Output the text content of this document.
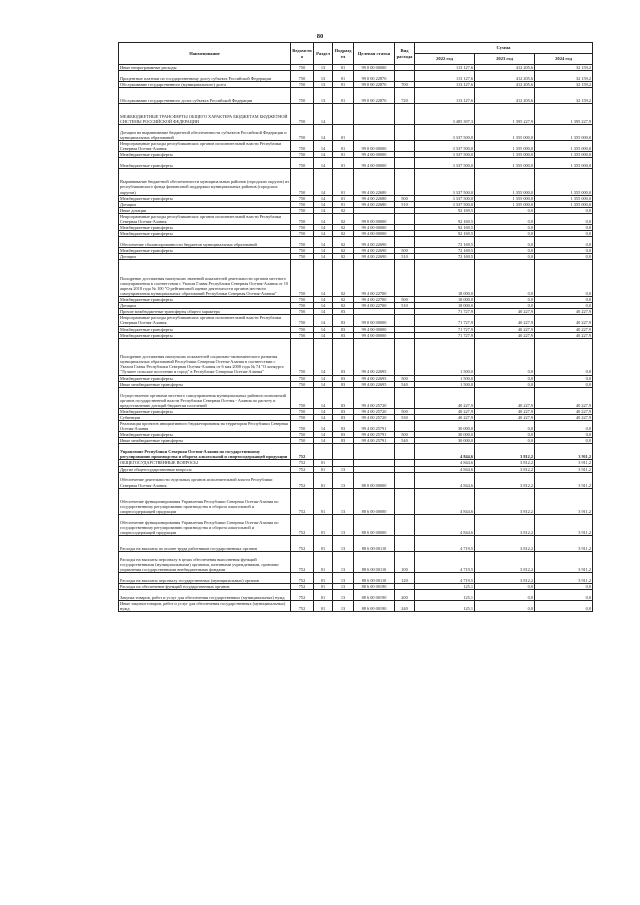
80
Наименование	Ведомство	Раздел	Подраздел	Целевая статья	Вид расхода	Сумма		
						2022 год	2023 год	2024 год
Иные непрограммные расходы	750	13	01	99 0 00 00000		113 127,6	412 205,6	32 159,2
Процентные платежи по государственному долгу субъекта Российской Федерации	750	13	01	99 0 00 22870		113 127,6	412 205,6	32 159,2
Обслуживание государственного (муниципального) долга	750	13	01	99 0 00 22870	700	113 127,6	412 205,6	32 159,2
Обслуживание государственного долга субъекта Российской Федерации	750	13	01	99 0 00 22870	720	113 127,6	412 205,6	32 159,2
МЕЖБЮДЖЕТНЫЕ ТРАНСФЕРТЫ ОБЩЕГО ХАРАКТЕРА БЮДЖЕТАМ БЮДЖЕТНОЙ СИСТЕМЫ РОССИЙСКОЙ ФЕДЕРАЦИИ	750	14				3 485 397,3	1 395 227,9	1 395 227,9
Дотации на выравнивание бюджетной обеспеченности субъектов Российской Федерации и муниципальных образований	750	14	01			3 337 500,0	1 355 000,0	1 355 000,0
Непрограммные расходы республиканских органов исполнительной власти Республики Северная Осетия-Алания	750	14	01	99 0 00 00000		3 337 500,0	1 355 000,0	1 355 000,0
Межбюджетные трансферты	750	14	01	99 4 00 00000		3 337 500,0	1 355 000,0	1 355 000,0
Межбюджетные трансферты	750	14	01	99 4 00 00000		3 337 500,0	1 355 000,0	1 355 000,0
Выравнивание бюджетной обеспеченности муниципальных районов (городских округов) из республиканского фонда финансовой поддержки муниципальных районов (городских округов)	750	14	01	99 4 00 22680		3 337 500,0	1 355 000,0	1 355 000,0
Межбюджетные трансферты	750	14	01	99 4 00 22680	500	3 337 500,0	1 355 000,0	1 355 000,0
Дотации	750	14	01	99 4 00 22680	510	3 337 500,0	1 355 000,0	1 355 000,0
Иные дотации	750	14	02			92 169,5	0,0	0,0
Непрограммные расходы республиканских органов исполнительной власти Республики Северная Осетия-Алания	750	14	02	99 0 00 00000		92 169,5	0,0	0,0
Межбюджетные трансферты	750	14	02	99 4 00 00000		92 169,5	0,0	0,0
Межбюджетные трансферты	750	14	02	99 4 00 00000		92 169,5	0,0	0,0
Обеспечение сбалансированности бюджетов муниципальных образований	750	14	02	99 4 00 22690		72 169,5	0,0	0,0
Межбюджетные трансферты	750	14	02	99 4 00 22690	500	72 169,5	0,0	0,0
Дотации	750	14	02	99 4 00 22690	510	72 169,5	0,0	0,0
Поощрение достижения наилучших значений показателей деятельности органов местного самоуправления в соответствии с Указом Главы Республики Северная Осетия-Алания от 10 апреля 2018 года № 100 "О рейтинговой оценке деятельности органов местного самоуправления муниципальных образований Республики Северная Осетия-Алания"	750	14	02	99 4 00 22700		18 000,0	0,0	0,0
Межбюджетные трансферты	750	14	02	99 4 00 22700	500	18 000,0	0,0	0,0
Дотации	750	14	02	99 4 00 22700	510	18 000,0	0,0	0,0
Прочие межбюджетные трансферты общего характера	750	14	03			71 727,9	40 227,9	40 227,9
Непрограммные расходы республиканских органов исполнительной власти Республики Северная Осетия-Алания	750	14	03	99 0 00 00000		71 727,9	40 227,9	40 227,9
Межбюджетные трансферты	750	14	03	99 4 00 00000		71 727,9	40 227,9	40 227,9
Межбюджетные трансферты	750	14	03	99 4 00 00000		71 727,9	40 227,9	40 227,9
Поощрение достижения наилучших показателей социально-экономического развития муниципальных образований Республики Северная Осетия-Алания в соответствии с Указом Главы Республики Северная Осетия-Алания от 6 мая 2008 года № 74 "О конкурсе "Лучшее сельское поселение и город" в Республике Северная Осетия-Алания"	750	14	03	99 4 00 22695		1 500,0	0,0	0,0
Межбюджетные трансферты	750	14	03	99 4 00 22695	500	1 500,0	0,0	0,0
Иные межбюджетные трансферты	750	14	03	99 4 00 22695	540	1 500,0	0,0	0,0
Осуществление органами местного самоуправления муниципальных районов полномочий органов государственной власти Республики Северная Осетия - Алания по расчету и предоставлению дотаций бюджетам поселений	750	14	03	99 4 00 25720		40 227,9	40 227,9	40 227,9
Межбюджетные трансферты	750	14	03	99 4 00 25720	500	40 227,9	40 227,9	40 227,9
Субвенции	750	14	03	99 4 00 25720	530	40 227,9	40 227,9	40 227,9
Реализация проектов инициативного бюджетирования на территории Республики Северная Осетия-Алания	750	14	03	99 4 00 25791		30 000,0	0,0	0,0
Межбюджетные трансферты	750	14	03	99 4 00 25791	500	30 000,0	0,0	0,0
Иные межбюджетные трансферты	750	14	03	99 4 00 25791	540	30 000,0	0,0	0,0
Управление Республики Северная Осетия-Алания по государственному регулированию производства и оборота алкогольной и спиртосодержащей продукции	752					4 844,6	3 812,2	3 911,2
ОБЩЕГОСУДАРСТВЕННЫЕ ВОПРОСЫ	752	01				4 844,6	3 812,2	3 911,2
Другие общегосударственные вопросы	752	01	13			4 844,6	3 812,2	3 911,2
Обеспечение деятельности отдельных органов исполнительной власти Республики Северная Осетия-Алания	752	01	13	88 0 00 00000		4 844,6	3 812,2	3 911,2
Обеспечение функционирования Управления Республики Северная Осетия-Алания по государственному регулированию производства и оборота алкогольной и спиртосодержащей продукции	752	01	13	88 6 00 00000		4 844,6	3 812,2	3 911,2
Обеспечение функционирования Управления Республики Северная Осетия-Алания по государственному регулированию производства и оборота алкогольной и спиртосодержащей продукции	752	01	13	88 6 00 00000		4 844,6	3 812,2	3 911,2
Расходы на выплаты по оплате труда работников государственных органов	752	01	13	88 6 00 00110		4 719,5	3 812,2	3 911,2
Расходы на выплаты персоналу в целях обеспечения выполнения функций государственными (муниципальными) органами, казенными учреждениями, органами управления государственными внебюджетными фондами	752	01	13	88 6 00 00110	100	4 719,5	3 812,2	3 911,2
Расходы на выплаты персоналу государственных (муниципальных) органов	752	01	13	88 6 00 00110	120	4 719,5	3 812,2	3 911,2
Расходы на обеспечение функций государственных органов	752	01	13	88 6 00 00190		125,1	0,0	0,0
Закупка товаров, работ и услуг для обеспечения государственных (муниципальных) нужд	752	01	13	88 6 00 00190	200	125,1	0,0	0,0
Иные закупки товаров, работ и услуг для обеспечения государственных (муниципальных) нужд	752	01	13	88 6 00 00190	240	125,1	0,0	0,0
